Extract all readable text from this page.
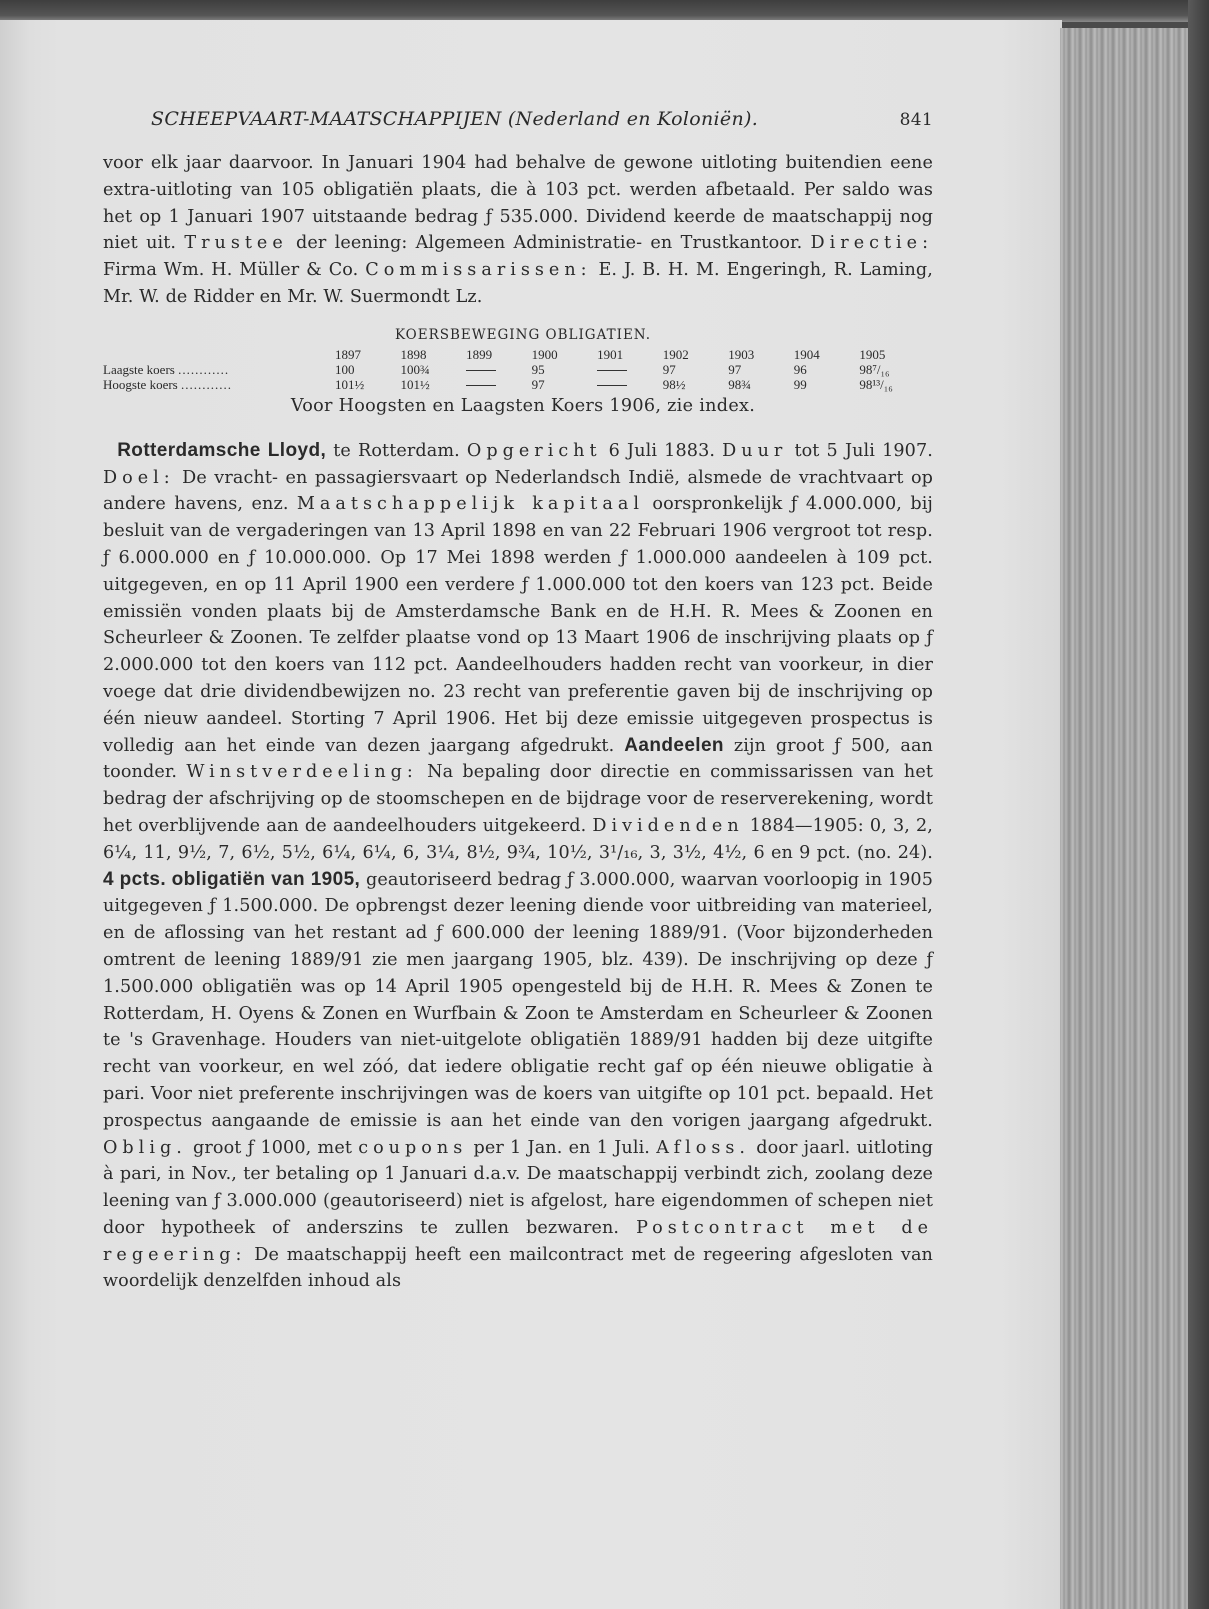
SCHEEPVAART-MAATSCHAPPIJEN (Nederland en Koloniën).	841

voor elk jaar daarvoor. In Januari 1904 had behalve de gewone uitloting buitendien eene extra-uitloting van 105 obligatiën plaats, die à 103 pct. werden afbetaald. Per saldo was het op 1 Januari 1907 uitstaande bedrag ƒ 535.000. Dividend keerde de maatschappij nog niet uit. Trustee der leening: Algemeen Administratie- en Trustkantoor. Directie: Firma Wm. H. Müller & Co. Commissarissen: E. J. B. H. M. Engeringh, R. Laming, Mr. W. de Ridder en Mr. W. Suermondt Lz.

KOERSBEWEGING OBLIGATIEN.
	1897	1898	1899	1900	1901	1902	1903	1904	1905
Laagste koers ............	100	100¾		95		97	97	96	98⁷/₁₆
Hoogste koers ............	101½	101½		97		98½	98¾	99	98¹³/₁₆
Voor Hoogsten en Laagsten Koers 1906, zie index.

Rotterdamsche Lloyd, te Rotterdam. Opgericht 6 Juli 1883. Duur tot 5 Juli 1907. Doel: De vracht- en passagiersvaart op Nederlandsch Indië, alsmede de vrachtvaart op andere havens, enz. Maatschappelijk kapitaal oorspronkelijk ƒ 4.000.000, bij besluit van de vergaderingen van 13 April 1898 en van 22 Februari 1906 vergroot tot resp. ƒ 6.000.000 en ƒ 10.000.000. Op 17 Mei 1898 werden ƒ 1.000.000 aandeelen à 109 pct. uitgegeven, en op 11 April 1900 een verdere ƒ 1.000.000 tot den koers van 123 pct. Beide emissiën vonden plaats bij de Amsterdamsche Bank en de H.H. R. Mees & Zoonen en Scheurleer & Zoonen. Te zelfder plaatse vond op 13 Maart 1906 de inschrijving plaats op ƒ 2.000.000 tot den koers van 112 pct. Aandeelhouders hadden recht van voorkeur, in dier voege dat drie dividendbewijzen no. 23 recht van preferentie gaven bij de inschrijving op één nieuw aandeel. Storting 7 April 1906. Het bij deze emissie uitgegeven prospectus is volledig aan het einde van dezen jaargang afgedrukt. Aandeelen zijn groot ƒ 500, aan toonder. Winstverdeeling: Na bepaling door directie en commissarissen van het bedrag der afschrijving op de stoomschepen en de bijdrage voor de reserverekening, wordt het overblijvende aan de aandeelhouders uitgekeerd. Dividenden 1884—1905: 0, 3, 2, 6¼, 11, 9½, 7, 6½, 5½, 6¼, 6¼, 6, 3¼, 8½, 9¾, 10½, 3¹/₁₆, 3, 3½, 4½, 6 en 9 pct. (no. 24). 4 pcts. obligatiën van 1905, geautoriseerd bedrag ƒ 3.000.000, waarvan voorloopig in 1905 uitgegeven ƒ 1.500.000. De opbrengst dezer leening diende voor uitbreiding van materieel, en de aflossing van het restant ad ƒ 600.000 der leening 1889/91. (Voor bijzonderheden omtrent de leening 1889/91 zie men jaargang 1905, blz. 439). De inschrijving op deze ƒ 1.500.000 obligatiën was op 14 April 1905 opengesteld bij de H.H. R. Mees & Zonen te Rotterdam, H. Oyens & Zonen en Wurfbain & Zoon te Amsterdam en Scheurleer & Zoonen te 's Gravenhage. Houders van niet-uitgelote obligatiën 1889/91 hadden bij deze uitgifte recht van voorkeur, en wel zóó, dat iedere obligatie recht gaf op één nieuwe obligatie à pari. Voor niet preferente inschrijvingen was de koers van uitgifte op 101 pct. bepaald. Het prospectus aangaande de emissie is aan het einde van den vorigen jaargang afgedrukt. Oblig. groot ƒ 1000, met coupons per 1 Jan. en 1 Juli. Afloss. door jaarl. uitloting à pari, in Nov., ter betaling op 1 Januari d.a.v. De maatschappij verbindt zich, zoolang deze leening van ƒ 3.000.000 (geautoriseerd) niet is afgelost, hare eigendommen of schepen niet door hypotheek of anderszins te zullen bezwaren. Postcontract met de regeering: De maatschappij heeft een mailcontract met de regeering afgesloten van woordelijk denzelfden inhoud als
